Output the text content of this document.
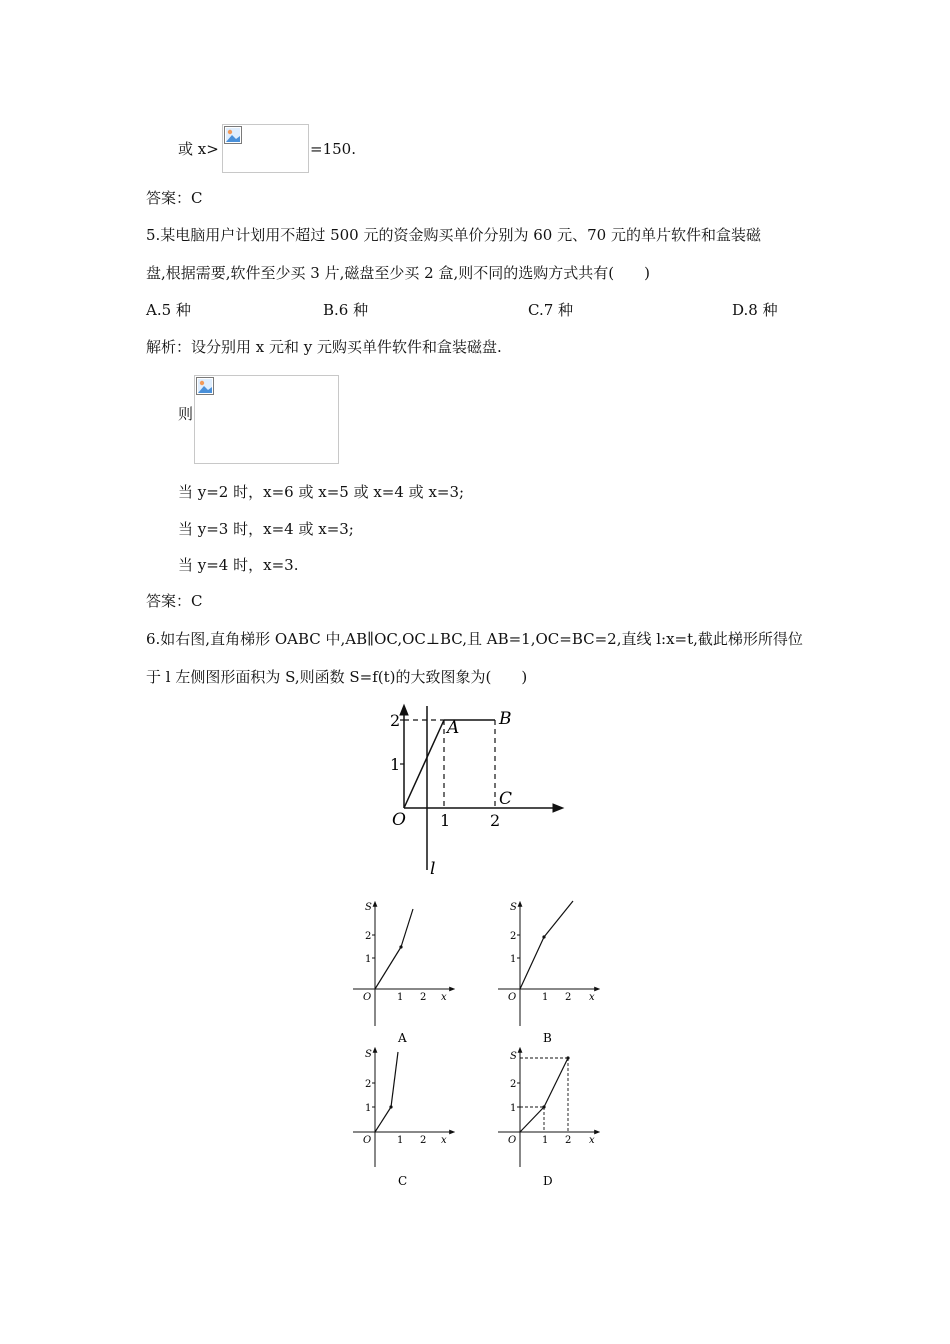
或 x>	=150.
答案：C
5.某电脑用户计划用不超过 500 元的资金购买单价分别为 60 元、70 元的单片软件和盒装磁
盘,根据需要,软件至少买 3 片,磁盘至少买 2 盒,则不同的选购方式共有(　　)
A.5 种	B.6 种	C.7 种	D.8 种
解析：设分别用 x 元和 y 元购买单件软件和盒装磁盘.
则
当 y=2 时，x=6 或 x=5 或 x=4 或 x=3;
当 y=3 时，x=4 或 x=3;
当 y=4 时，x=3.
答案：C
6.如右图,直角梯形 OABC 中,AB∥OC,OC⊥BC,且 AB=1,OC=BC=2,直线 l:x=t,截此梯形所得位
于 l 左侧图形面积为 S,则函数 S=f(t)的大致图象为(　　)
2
1
1 2
O
A B
C
l
S
1
2
O	1 2 x
A
S
1
2
O	1 2 x
B
S
1
2
O	1 2 x
C
S
1
2
O	1 2 x
D
